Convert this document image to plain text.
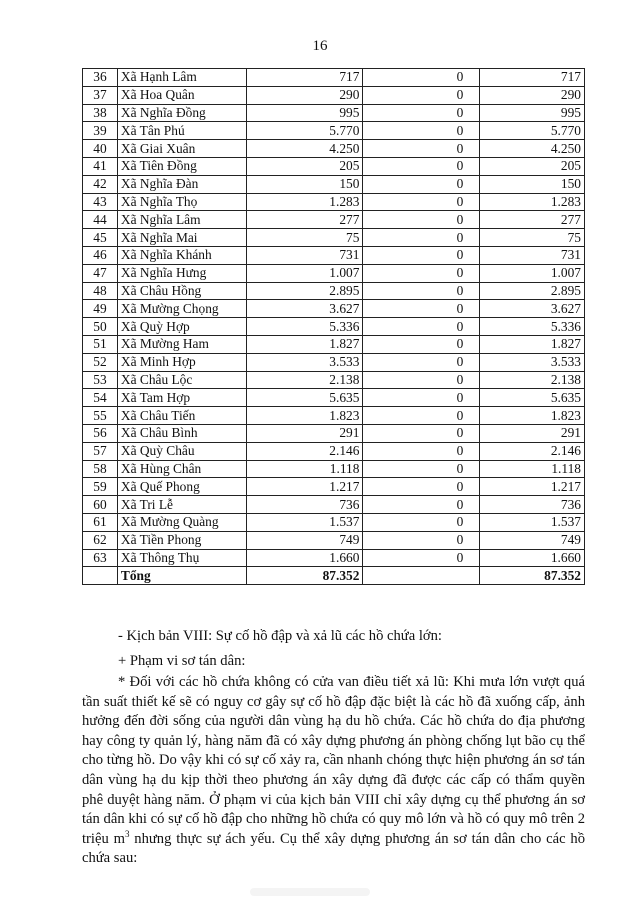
16
36	Xã Hạnh Lâm	717	0	717
37	Xã Hoa Quân	290	0	290
38	Xã Nghĩa Đồng	995	0	995
39	Xã Tân Phú	5.770	0	5.770
40	Xã Giai Xuân	4.250	0	4.250
41	Xã Tiên Đồng	205	0	205
42	Xã Nghĩa Đàn	150	0	150
43	Xã Nghĩa Thọ	1.283	0	1.283
44	Xã Nghĩa Lâm	277	0	277
45	Xã Nghĩa Mai	75	0	75
46	Xã Nghĩa Khánh	731	0	731
47	Xã Nghĩa Hưng	1.007	0	1.007
48	Xã Châu Hồng	2.895	0	2.895
49	Xã Mường Chọng	3.627	0	3.627
50	Xã Quỳ Hợp	5.336	0	5.336
51	Xã Mường Ham	1.827	0	1.827
52	Xã Minh Hợp	3.533	0	3.533
53	Xã Châu Lộc	2.138	0	2.138
54	Xã Tam Hợp	5.635	0	5.635
55	Xã Châu Tiến	1.823	0	1.823
56	Xã Châu Bình	291	0	291
57	Xã Quỳ Châu	2.146	0	2.146
58	Xã Hùng Chân	1.118	0	1.118
59	Xã Quế Phong	1.217	0	1.217
60	Xã Tri Lễ	736	0	736
61	Xã Mường Quàng	1.537	0	1.537
62	Xã Tiền Phong	749	0	749
63	Xã Thông Thụ	1.660	0	1.660
	Tổng	87.352		87.352
- Kịch bản VIII: Sự cố hồ đập và xả lũ các hồ chứa lớn:
+ Phạm vi sơ tán dân:
* Đối với các hồ chứa không có cửa van điều tiết xả lũ: Khi mưa lớn vượt quá tần suất thiết kế sẽ có nguy cơ gây sự cố hồ đập đặc biệt là các hồ đã xuống cấp, ảnh hưởng đến đời sống của người dân vùng hạ du hồ chứa. Các hồ chứa do địa phương hay công ty quản lý, hàng năm đã có xây dựng phương án phòng chống lụt bão cụ thể cho từng hồ. Do vậy khi có sự cố xảy ra, cần nhanh chóng thực hiện phương án sơ tán dân vùng hạ du kịp thời theo phương án xây dựng đã được các cấp có thẩm quyền phê duyệt hàng năm. Ở phạm vi của kịch bản VIII chỉ xây dựng cụ thể phương án sơ tán dân khi có sự cố hồ đập cho những hồ chứa có quy mô lớn và hồ có quy mô trên 2 triệu $m^3$ nhưng thực sự ách yếu. Cụ thể xây dựng phương án sơ tán dân cho các hồ chứa sau:
